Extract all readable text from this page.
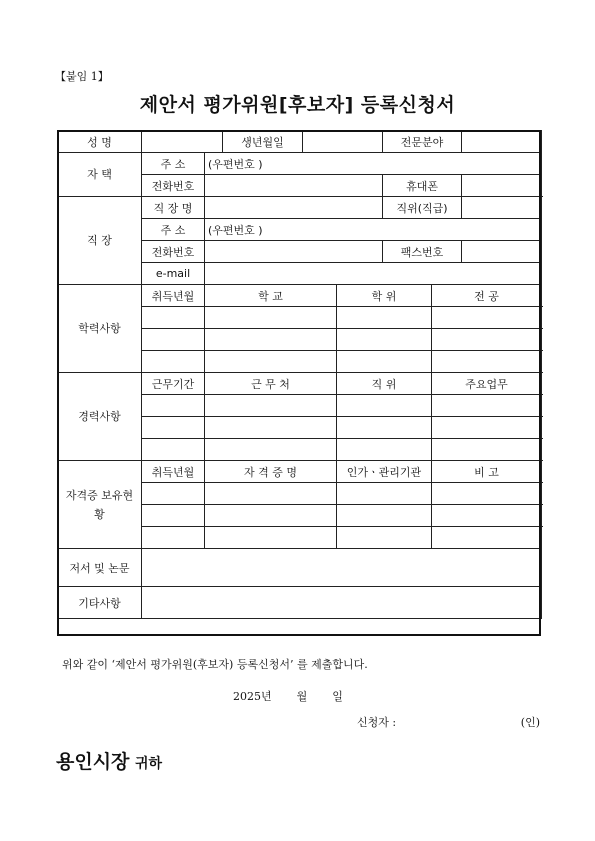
【붙임 1】
제안서 평가위원[후보자] 등록신청서
성 명			생년월일			전문분야		
자 택	주 소	(우편번호 )						
	전화번호					휴대폰		
직 장	직 장 명					직위(직급)		
	주 소	(우편번호 )						
	전화번호					팩스번호		
	e-mail							
학력사항	취득년월	학 교			학 위		전 공	

경력사항	근무기간	근 무 처			직 위		주요업무	

자격증 보유현황	취득년월	자 격 증 명			인가ㆍ관리기관		비 고	

저서 및 논문								
기타사항								
위와 같이 ‘제안서 평가위원(후보자) 등록신청서’ 를 제출합니다.
2025년 월 일
신청자 :	(인)
용인시장 귀하
